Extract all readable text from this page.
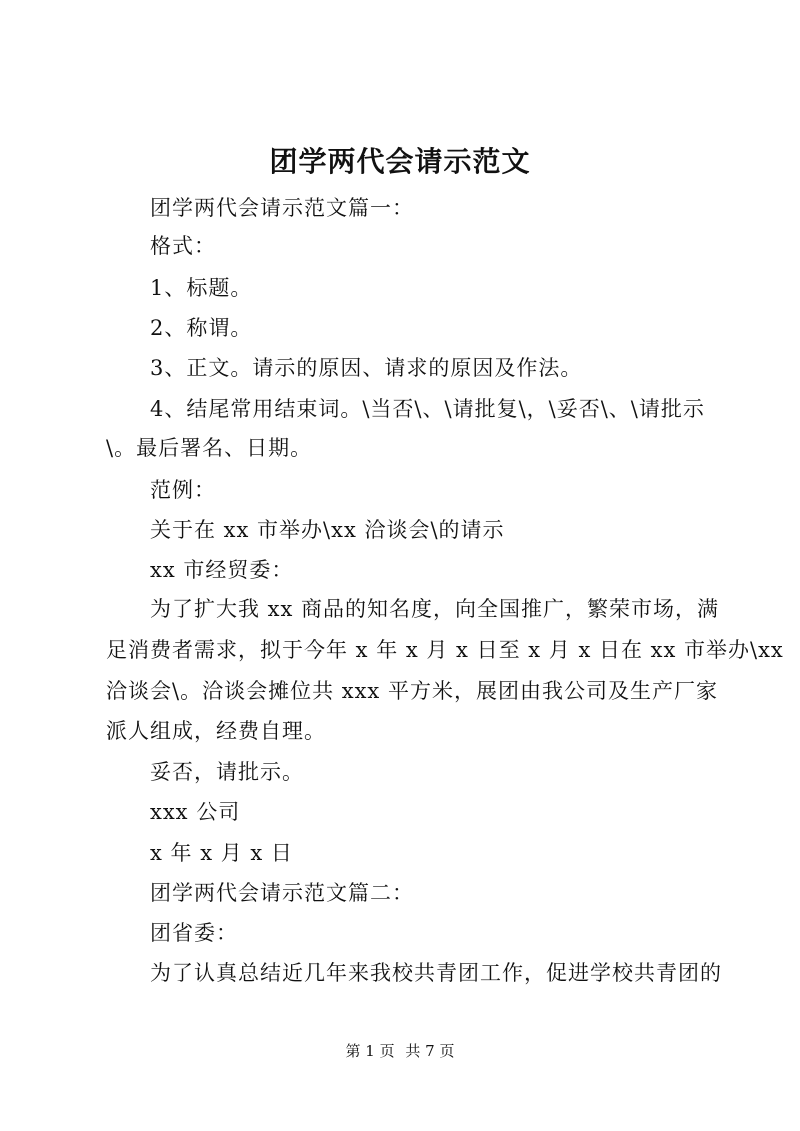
团学两代会请示范文
团学两代会请示范文篇一：
格式：
1、标题。
2、称谓。
3、正文。请示的原因、请求的原因及作法。
4、结尾常用结束词。\当否\、\请批复\，\妥否\、\请批示
\。最后署名、日期。
范例：
关于在 xx 市举办\xx 洽谈会\的请示
xx 市经贸委：
为了扩大我 xx 商品的知名度，向全国推广，繁荣市场，满
足消费者需求，拟于今年 x 年 x 月 x 日至 x 月 x 日在 xx 市举办\xx
洽谈会\。洽谈会摊位共 xxx 平方米，展团由我公司及生产厂家
派人组成，经费自理。
妥否，请批示。
xxx 公司
x 年 x 月 x 日
团学两代会请示范文篇二：
团省委：
为了认真总结近几年来我校共青团工作，促进学校共青团的
第 1 页 共 7 页
